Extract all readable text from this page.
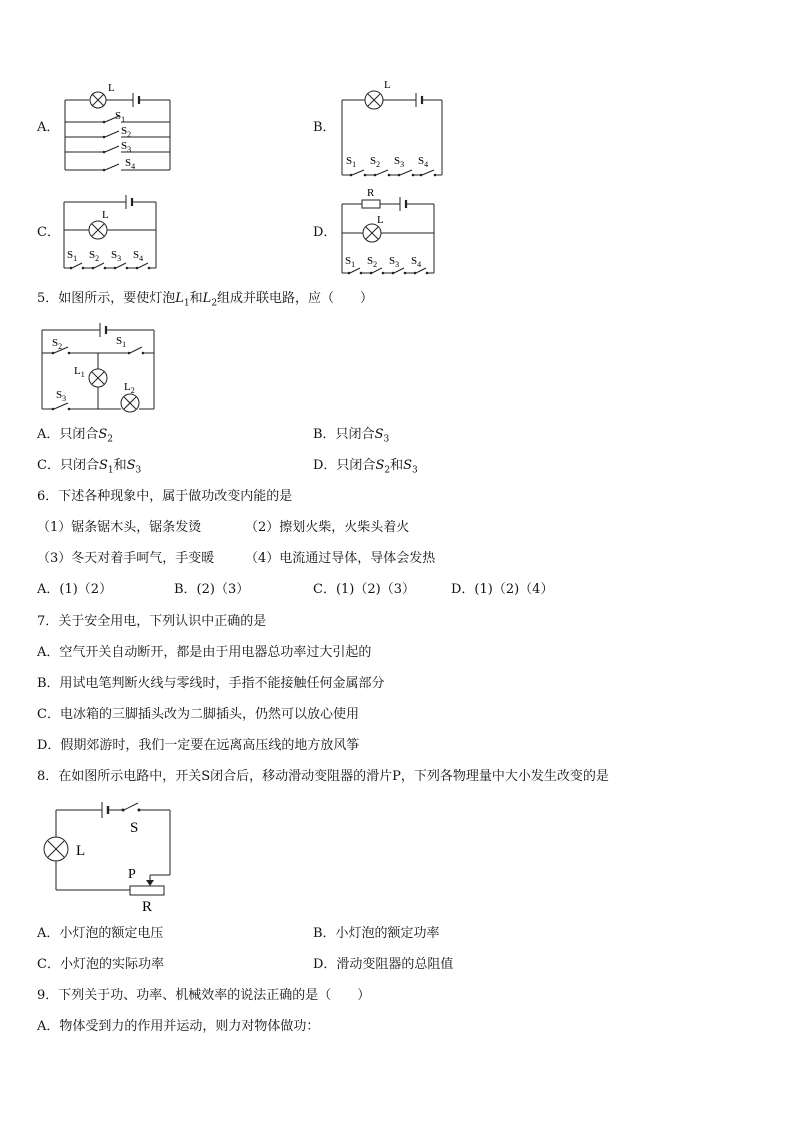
A．
L
$S_1$
$S_2$
$S_3$
$S_4$
B．
L
$S_1$ $S_2$ $S_3$ $S_4$
C．
L
$S_1$ $S_2$ $S_3$ $S_4$
D．
R
L
$S_1$ $S_2$ $S_3$ $S_4$
5．如图所示，要使灯泡$L_1$和$L_2$组成并联电路，应（　　）
$S_2$	$S_1$
$L_1$
$S_3$
$L_2$
A．只闭合$S_2$	B．只闭合$S_3$
C．只闭合$S_1$和$S_3$	D．只闭合$S_2$和$S_3$
6．下述各种现象中，属于做功改变内能的是
（1）锯条锯木头，锯条发烫	（2）擦划火柴，火柴头着火
（3）冬天对着手呵气，手变暖 （4）电流通过导体，导体会发热
A．(1)（2）	B．(2)（3）	C．(1)（2)（3）	D．(1)（2)（4）
7．关于安全用电，下列认识中正确的是
A．空气开关自动断开，都是由于用电器总功率过大引起的
B．用试电笔判断火线与零线时，手指不能接触任何金属部分
C．电冰箱的三脚插头改为二脚插头，仍然可以放心使用
D．假期郊游时，我们一定要在远离高压线的地方放风筝
8．在如图所示电路中，开关S闭合后，移动滑动变阻器的滑片P，下列各物理量中大小发生改变的是
S
L
P
R
A．小灯泡的额定电压	B．小灯泡的额定功率
C．小灯泡的实际功率	D．滑动变阻器的总阻值
9．下列关于功、功率、机械效率的说法正确的是（　　）
A．物体受到力的作用并运动，则力对物体做功：
